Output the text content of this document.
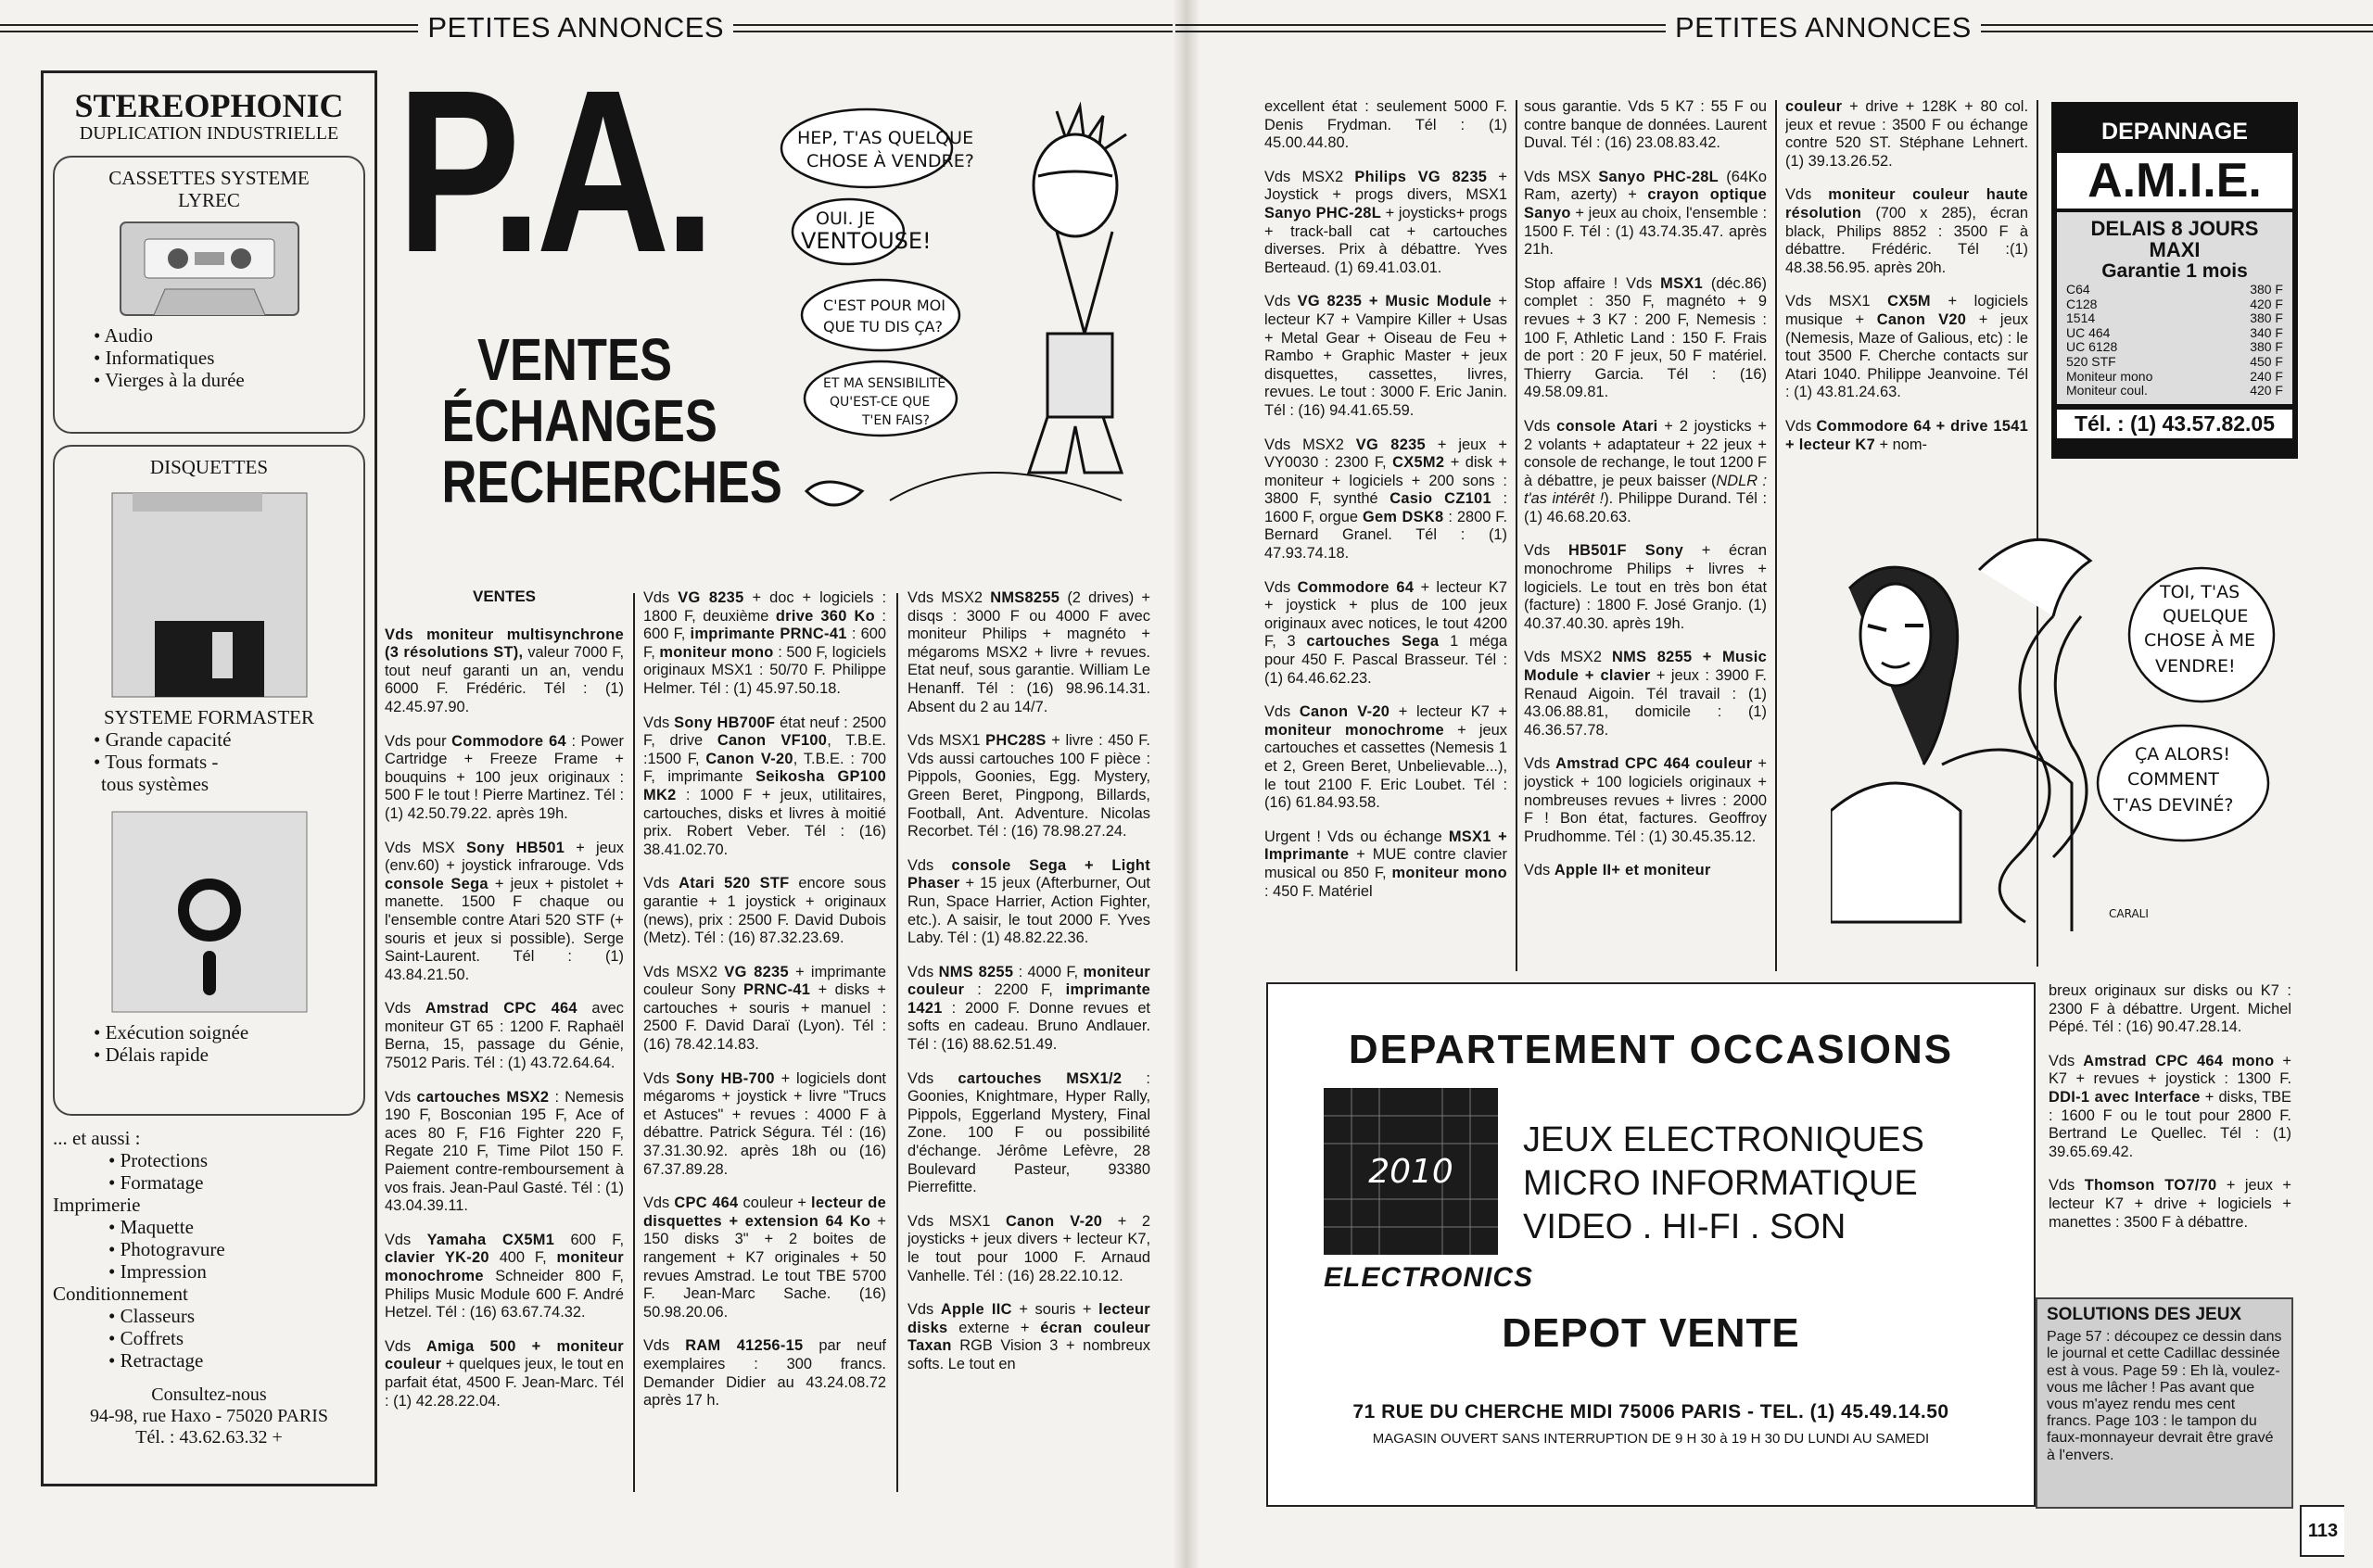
PETITES ANNONCES	PETITES ANNONCES
STEREOPHONIC
DUPLICATION INDUSTRIELLE
CASSETTES SYSTEME LYREC
• Audio
• Informatiques
• Vierges à la durée
DISQUETTES
SYSTEME FORMASTER
• Grande capacité
• Tous formats -
tous systèmes
• Exécution soignée
• Délais rapide
... et aussi :
• Protections
• Formatage
Imprimerie
• Maquette
• Photogravure
• Impression
Conditionnement
• Classeurs
• Coffrets
• Retractage
Consultez-nous
94-98, rue Haxo - 75020 PARIS
Tél. : 43.62.63.32 +
P.A.
VENTES
ÉCHANGES
RECHERCHES
HEP, T'AS QUELQUE
CHOSE À VENDRE?
OUI. JE
VENTOUSE!
C'EST POUR MOI
QUE TU DIS ÇA?
ET MA SENSIBILITÉ
QU'EST-CE QUE
T'EN FAIS?
VENTES

Vds moniteur multisynchrone (3 résolutions ST), valeur 7000 F, tout neuf garanti un an, vendu 6000 F. Frédéric. Tél : (1) 42.45.97.90.

Vds pour Commodore 64 : Power Cartridge + Freeze Frame + bouquins + 100 jeux originaux : 500 F le tout ! Pierre Martinez. Tél : (1) 42.50.79.22. après 19h.

Vds MSX Sony HB501 + jeux (env.60) + joystick infrarouge. Vds console Sega + jeux + pistolet + manette. 1500 F chaque ou l'ensemble contre Atari 520 STF (+ souris et jeux si possible). Serge Saint-Laurent. Tél : (1) 43.84.21.50.

Vds Amstrad CPC 464 avec moniteur GT 65 : 1200 F. Raphaël Berna, 15, passage du Génie, 75012 Paris. Tél : (1) 43.72.64.64.

Vds cartouches MSX2 : Nemesis 190 F, Bosconian 195 F, Ace of aces 80 F, F16 Fighter 220 F, Regate 210 F, Time Pilot 150 F. Paiement contre-remboursement à vos frais. Jean-Paul Gasté. Tél : (1) 43.04.39.11.

Vds Yamaha CX5M1 600 F, clavier YK-20 400 F, moniteur monochrome Schneider 800 F, Philips Music Module 600 F. André Hetzel. Tél : (16) 63.67.74.32.

Vds Amiga 500 + moniteur couleur + quelques jeux, le tout en parfait état, 4500 F. Jean-Marc. Tél : (1) 42.28.22.04.

Vds VG 8235 + doc + logiciels : 1800 F, deuxième drive 360 Ko : 600 F, imprimante PRNC-41 : 600 F, moniteur mono : 500 F, logiciels originaux MSX1 : 50/70 F. Philippe Helmer. Tél : (1) 45.97.50.18.

Vds Sony HB700F état neuf : 2500 F, drive Canon VF100, T.B.E. :1500 F, Canon V-20, T.B.E. : 700 F, imprimante Seikosha GP100 MK2 : 1000 F + jeux, utilitaires, cartouches, disks et livres à moitié prix. Robert Veber. Tél : (16) 38.41.02.70.

Vds Atari 520 STF encore sous garantie + 1 joystick + originaux (news), prix : 2500 F. David Dubois (Metz). Tél : (16) 87.32.23.69.

Vds MSX2 VG 8235 + imprimante couleur Sony PRNC-41 + disks + cartouches + souris + manuel : 2500 F. David Daraï (Lyon). Tél : (16) 78.42.14.83.

Vds Sony HB-700 + logiciels dont mégaroms + joystick + livre "Trucs et Astuces" + revues : 4000 F à débattre. Patrick Ségura. Tél : (16) 37.31.30.92. après 18h ou (16) 67.37.89.28.

Vds CPC 464 couleur + lecteur de disquettes + extension 64 Ko + 150 disks 3" + 2 boites de rangement + K7 originales + 50 revues Amstrad. Le tout TBE 5700 F. Jean-Marc Sache. (16) 50.98.20.06.

Vds RAM 41256-15 par neuf exemplaires : 300 francs. Demander Didier au 43.24.08.72 après 17 h.

Vds MSX2 NMS8255 (2 drives) + disqs : 3000 F ou 4000 F avec moniteur Philips + magnéto + mégaroms MSX2 + livre + revues. Etat neuf, sous garantie. William Le Henanff. Tél : (16) 98.96.14.31. Absent du 2 au 14/7.

Vds MSX1 PHC28S + livre : 450 F. Vds aussi cartouches 100 F pièce : Pippols, Goonies, Egg. Mystery, Green Beret, Pingpong, Billards, Football, Ant. Adventure. Nicolas Recorbet. Tél : (16) 78.98.27.24.

Vds console Sega + Light Phaser + 15 jeux (Afterburner, Out Run, Space Harrier, Action Fighter, etc.). A saisir, le tout 2000 F. Yves Laby. Tél : (1) 48.82.22.36.

Vds NMS 8255 : 4000 F, moniteur couleur : 2200 F, imprimante 1421 : 2000 F. Donne revues et softs en cadeau. Bruno Andlauer. Tél : (16) 88.62.51.49.

Vds cartouches MSX1/2 : Goonies, Knightmare, Hyper Rally, Pippols, Eggerland Mystery, Final Zone. 100 F ou possibilité d'échange. Jérôme Lefèvre, 28 Boulevard Pasteur, 93380 Pierrefitte.

Vds MSX1 Canon V-20 + 2 joysticks + jeux divers + lecteur K7, le tout pour 1000 F. Arnaud Vanhelle. Tél : (16) 28.22.10.12.

Vds Apple IIC + souris + lecteur disks externe + écran couleur Taxan RGB Vision 3 + nombreux softs. Le tout en

excellent état : seulement 5000 F. Denis Frydman. Tél : (1) 45.00.44.80.

Vds MSX2 Philips VG 8235 + Joystick + progs divers, MSX1 Sanyo PHC-28L + joysticks+ progs + track-ball cat + cartouches diverses. Prix à débattre. Yves Berteaud. (1) 69.41.03.01.

Vds VG 8235 + Music Module + lecteur K7 + Vampire Killer + Usas + Metal Gear + Oiseau de Feu + Rambo + Graphic Master + jeux disquettes, cassettes, livres, revues. Le tout : 3000 F. Eric Janin. Tél : (16) 94.41.65.59.

Vds MSX2 VG 8235 + jeux + VY0030 : 2300 F, CX5M2 + disk + moniteur + logiciels + 200 sons : 3800 F, synthé Casio CZ101 : 1600 F, orgue Gem DSK8 : 2800 F. Bernard Granel. Tél : (1) 47.93.74.18.

Vds Commodore 64 + lecteur K7 + joystick + plus de 100 jeux originaux avec notices, le tout 4200 F, 3 cartouches Sega 1 méga pour 450 F. Pascal Brasseur. Tél : (1) 64.46.62.23.

Vds Canon V-20 + lecteur K7 + moniteur monochrome + jeux cartouches et cassettes (Nemesis 1 et 2, Green Beret, Unbelievable...), le tout 2100 F. Eric Loubet. Tél : (16) 61.84.93.58.

Urgent ! Vds ou échange MSX1 + Imprimante + MUE contre clavier musical ou 850 F, moniteur mono : 450 F. Matériel

sous garantie. Vds 5 K7 : 55 F ou contre banque de données. Laurent Duval. Tél : (16) 23.08.83.42.

Vds MSX Sanyo PHC-28L (64Ko Ram, azerty) + crayon optique Sanyo + jeux au choix, l'ensemble : 1500 F. Tél : (1) 43.74.35.47. après 21h.

Stop affaire ! Vds MSX1 (déc.86) complet : 350 F, magnéto + 9 revues + 3 K7 : 200 F, Nemesis : 100 F, Athletic Land : 150 F. Frais de port : 20 F jeux, 50 F matériel. Thierry Garcia. Tél : (16) 49.58.09.81.

Vds console Atari + 2 joysticks + 2 volants + adaptateur + 22 jeux + console de rechange, le tout 1200 F à débattre, je peux baisser (NDLR : t'as intérêt !). Philippe Durand. Tél : (1) 46.68.20.63.

Vds HB501F Sony + écran monochrome Philips + livres + logiciels. Le tout en très bon état (facture) : 1800 F. José Granjo. (1) 40.37.40.30. après 19h.

Vds MSX2 NMS 8255 + Music Module + clavier + jeux : 3900 F. Renaud Aigoin. Tél travail : (1) 43.06.88.81, domicile : (1) 46.36.57.78.

Vds Amstrad CPC 464 couleur + joystick + 100 logiciels originaux + nombreuses revues + livres : 2000 F ! Bon état, factures. Geoffroy Prudhomme. Tél : (1) 30.45.35.12.

Vds Apple II+ et moniteur

couleur + drive + 128K + 80 col. jeux et revue : 3500 F ou échange contre 520 ST. Stéphane Lehnert. (1) 39.13.26.52.

Vds moniteur couleur haute résolution (700 x 285), écran black, Philips 8852 : 3500 F à débattre. Frédéric. Tél :(1) 48.38.56.95. après 20h.

Vds MSX1 CX5M + logiciels musique + Canon V20 + jeux (Nemesis, Maze of Galious, etc) : le tout 3500 F. Cherche contacts sur Atari 1040. Philippe Jeanvoine. Tél : (1) 43.81.24.63.

Vds Commodore 64 + drive 1541 + lecteur K7 + nom-

breux originaux sur disks ou K7 : 2300 F à débattre. Urgent. Michel Pépé. Tél : (16) 90.47.28.14.

Vds Amstrad CPC 464 mono + K7 + revues + joystick : 1300 F. DDI-1 avec Interface + disks, TBE : 1600 F ou le tout pour 2800 F. Bertrand Le Quellec. Tél : (1) 39.65.69.42.

Vds Thomson TO7/70 + jeux + lecteur K7 + drive + logiciels + manettes : 3500 F à débattre.

DEPANNAGE
A.M.I.E.
DELAIS 8 JOURS
MAXI
Garantie 1 mois
C64	380 F
C128	420 F
1514	380 F
UC 464	340 F
UC 6128	380 F
520 STF	450 F
Moniteur mono	240 F
Moniteur coul.	420 F
Tél. : (1) 43.57.82.05
TOI, T'AS
QUELQUE
CHOSE À ME
VENDRE!
ÇA ALORS!
COMMENT
T'AS DEVINÉ?
CARALI
DEPARTEMENT OCCASIONS
2010
ELECTRONICS
JEUX ELECTRONIQUES
MICRO INFORMATIQUE
VIDEO . HI-FI . SON
DEPOT VENTE
71 RUE DU CHERCHE MIDI 75006 PARIS - TEL. (1) 45.49.14.50
MAGASIN OUVERT SANS INTERRUPTION DE 9 H 30 à 19 H 30 DU LUNDI AU SAMEDI
SOLUTIONS DES JEUX
Page 57 : découpez ce dessin dans le journal et cette Cadillac dessinée est à vous. Page 59 : Eh là, voulez-vous me lâcher ! Pas avant que vous m'ayez rendu mes cent francs. Page 103 : le tampon du faux-monnayeur devrait être gravé à l'envers.
113
